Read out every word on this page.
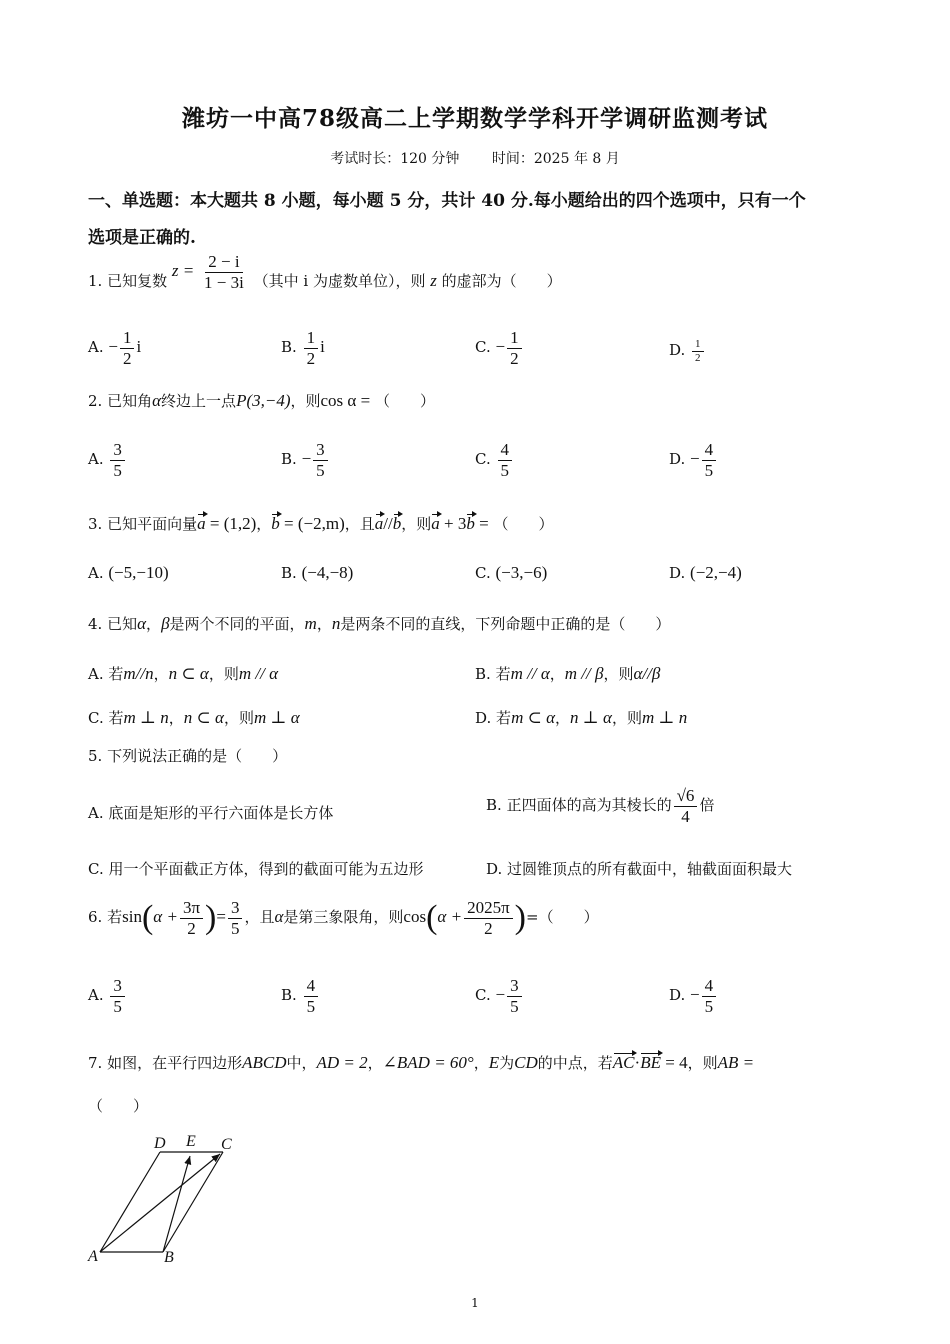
潍坊一中高78级高二上学期数学学科开学调研监测考试
考试时长：120 分钟 时间：2025 年 8 月
一、单选题：本大题共 8 小题，每小题 5 分，共计 40 分.每小题给出的四个选项中，只有一个
选项是正确的.
1. 已知复数 $z = \frac{2 - i}{1 - 3i}$ （其中 i 为虚数单位），则 z 的虚部为（　　）
A. − $\frac{1}{2}$ i	B. $\frac{1}{2}$ i	C. − $\frac{1}{2}$	D. $\frac{1}{2}$
2. 已知角α终边上一点P(3,−4)，则cos α = （　　）
A. $\frac{3}{5}$	B. − $\frac{3}{5}$	C. $\frac{4}{5}$	D. − $\frac{4}{5}$
3. 已知平面向量a = (1,2)，b = (−2,m)，且a//b，则a + 3b = （　　）
A. (−5,−10)	B. (−4,−8)	C. (−3,−6)	D. (−2,−4)
4. 已知α，β是两个不同的平面，m，n是两条不同的直线，下列命题中正确的是（　　）
A. 若m//n，n ⊂ α，则m // α	B. 若m // α，m // β，则α//β
C. 若m ⊥ n，n ⊂ α，则m ⊥ α	D. 若m ⊂ α，n ⊥ α，则m ⊥ n
5. 下列说法正确的是（　　）
A. 底面是矩形的平行六面体是长方体	B. 正四面体的高为其棱长的 $\frac{√6}{4}$ 倍
C. 用一个平面截正方体，得到的截面可能为五边形	D. 过圆锥顶点的所有截面中，轴截面面积最大
6. 若$\sin(\alpha + \frac{3\pi}{2}$ )= $\frac{3}{5}$ ，且α是第三象限角，则$\cos(\alpha + \frac{2025\pi}{2}$ )=（　　）
A. $\frac{3}{5}$	B. $\frac{4}{5}$	C. − $\frac{3}{5}$	D. − $\frac{4}{5}$
7. 如图，在平行四边形ABCD中，AD = 2，∠BAD = 60°，E为CD的中点，若AC·BE = 4，则AB =
（　　）
D E C
A	B
1
